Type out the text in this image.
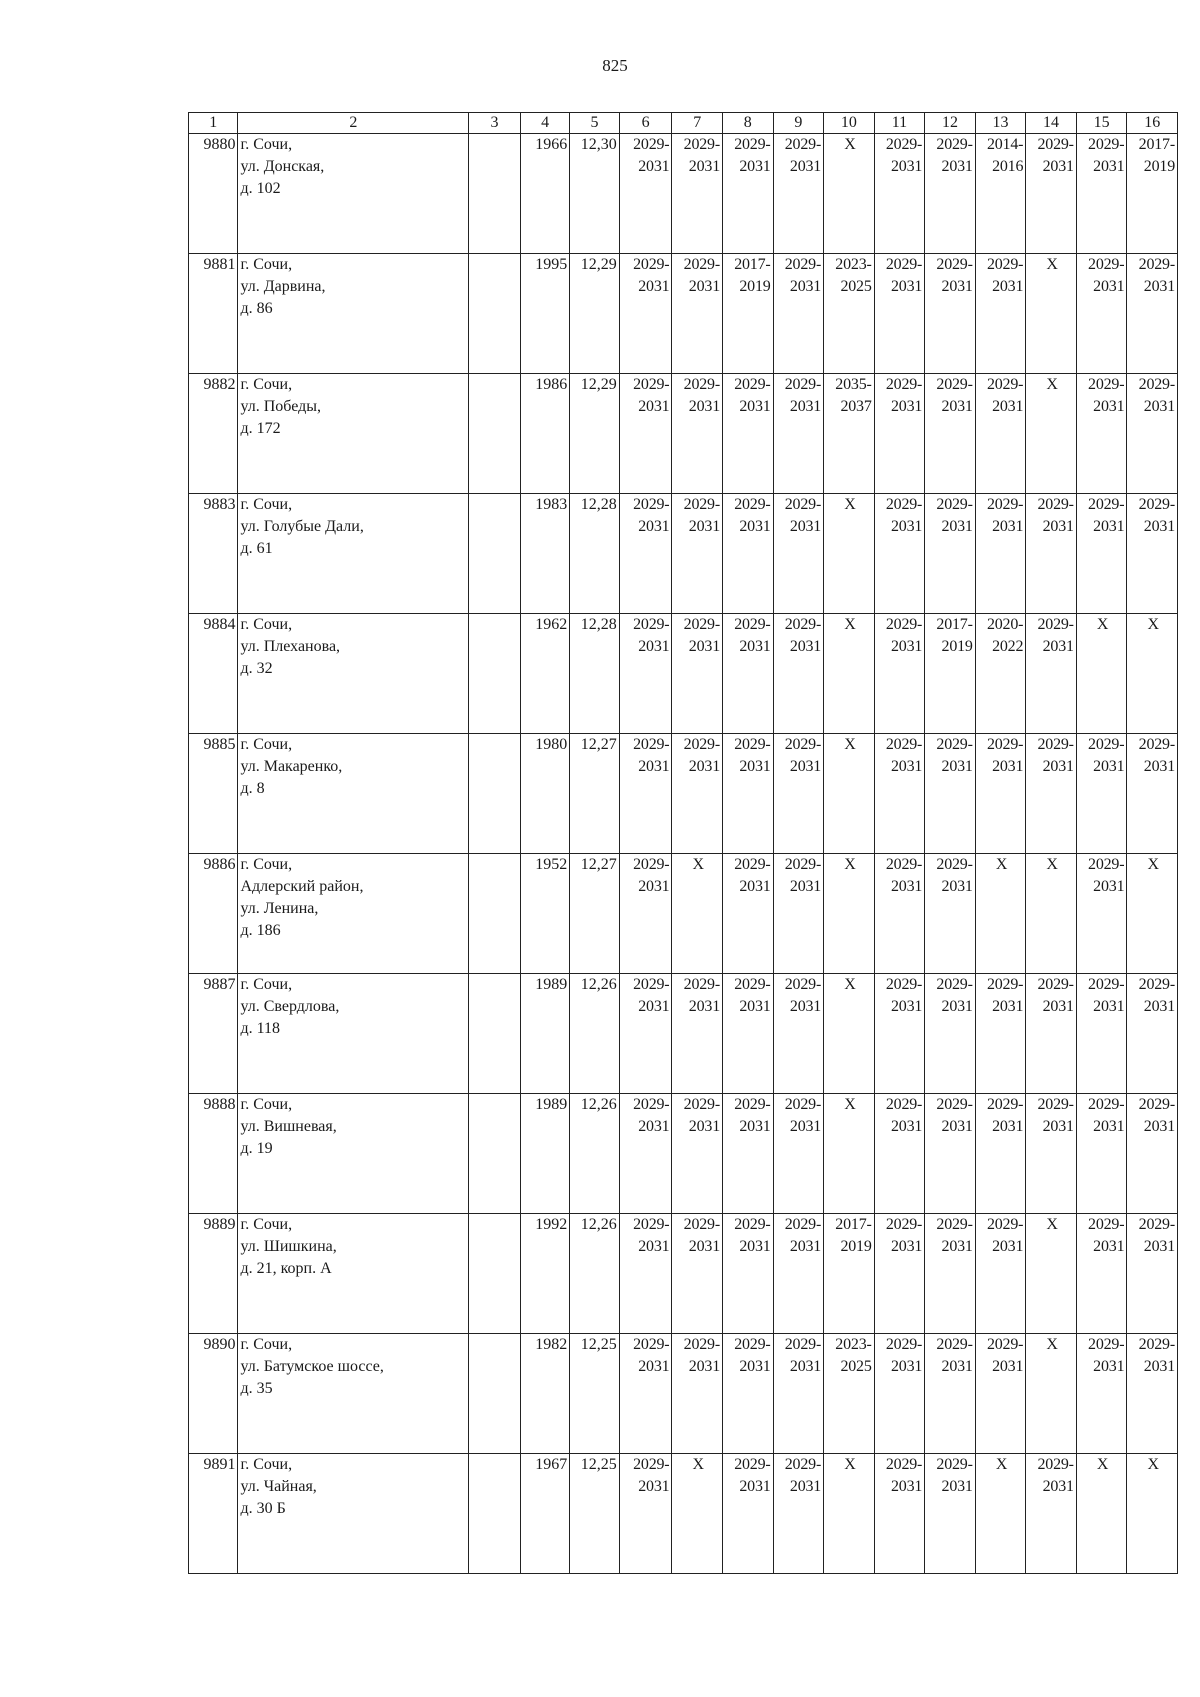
825
1	2	3	4	5	6	7	8	9	10	11	12	13	14	15	16
9880	г. Сочи,
ул. Донская,
д. 102		1966	12,30	2029-
2031	2029-
2031	2029-
2031	2029-
2031	Х	2029-
2031	2029-
2031	2014-
2016	2029-
2031	2029-
2031	2017-
2019
9881	г. Сочи,
ул. Дарвина,
д. 86		1995	12,29	2029-
2031	2029-
2031	2017-
2019	2029-
2031	2023-
2025	2029-
2031	2029-
2031	2029-
2031	Х	2029-
2031	2029-
2031
9882	г. Сочи,
ул. Победы,
д. 172		1986	12,29	2029-
2031	2029-
2031	2029-
2031	2029-
2031	2035-
2037	2029-
2031	2029-
2031	2029-
2031	Х	2029-
2031	2029-
2031
9883	г. Сочи,
ул. Голубые Дали,
д. 61		1983	12,28	2029-
2031	2029-
2031	2029-
2031	2029-
2031	Х	2029-
2031	2029-
2031	2029-
2031	2029-
2031	2029-
2031	2029-
2031
9884	г. Сочи,
ул. Плеханова,
д. 32		1962	12,28	2029-
2031	2029-
2031	2029-
2031	2029-
2031	Х	2029-
2031	2017-
2019	2020-
2022	2029-
2031	Х	Х
9885	г. Сочи,
ул. Макаренко,
д. 8		1980	12,27	2029-
2031	2029-
2031	2029-
2031	2029-
2031	Х	2029-
2031	2029-
2031	2029-
2031	2029-
2031	2029-
2031	2029-
2031
9886	г. Сочи,
Адлерский район,
ул. Ленина,
д. 186		1952	12,27	2029-
2031	Х	2029-
2031	2029-
2031	Х	2029-
2031	2029-
2031	Х	Х	2029-
2031	Х
9887	г. Сочи,
ул. Свердлова,
д. 118		1989	12,26	2029-
2031	2029-
2031	2029-
2031	2029-
2031	Х	2029-
2031	2029-
2031	2029-
2031	2029-
2031	2029-
2031	2029-
2031
9888	г. Сочи,
ул. Вишневая,
д. 19		1989	12,26	2029-
2031	2029-
2031	2029-
2031	2029-
2031	Х	2029-
2031	2029-
2031	2029-
2031	2029-
2031	2029-
2031	2029-
2031
9889	г. Сочи,
ул. Шишкина,
д. 21, корп. А		1992	12,26	2029-
2031	2029-
2031	2029-
2031	2029-
2031	2017-
2019	2029-
2031	2029-
2031	2029-
2031	Х	2029-
2031	2029-
2031
9890	г. Сочи,
ул. Батумское шоссе,
д. 35		1982	12,25	2029-
2031	2029-
2031	2029-
2031	2029-
2031	2023-
2025	2029-
2031	2029-
2031	2029-
2031	Х	2029-
2031	2029-
2031
9891	г. Сочи,
ул. Чайная,
д. 30 Б		1967	12,25	2029-
2031	Х	2029-
2031	2029-
2031	Х	2029-
2031	2029-
2031	Х	2029-
2031	Х	Х
